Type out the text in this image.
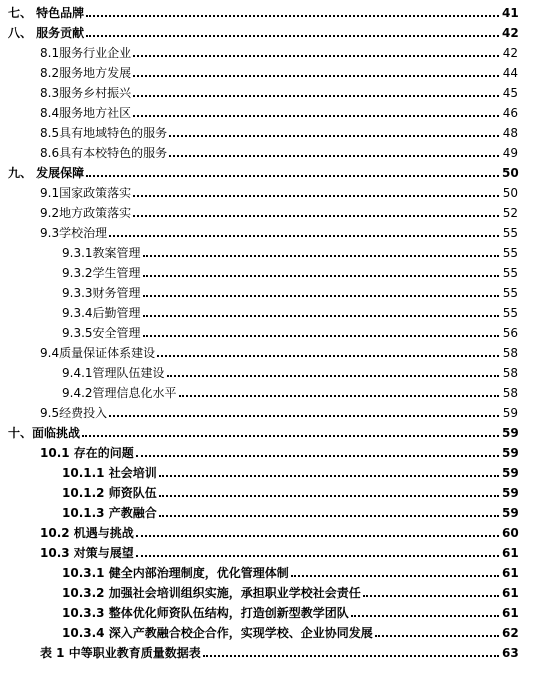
七、 特色品牌	41
八、 服务贡献	42
8.1服务行业企业	42
8.2服务地方发展	44
8.3服务乡村振兴	45
8.4服务地方社区	46
8.5具有地域特色的服务	48
8.6具有本校特色的服务	49
九、 发展保障	50
9.1国家政策落实	50
9.2地方政策落实	52
9.3学校治理	55
9.3.1教案管理	55
9.3.2学生管理	55
9.3.3财务管理	55
9.3.4后勤管理	55
9.3.5安全管理	56
9.4质量保证体系建设	58
9.4.1管理队伍建设	58
9.4.2管理信息化水平	58
9.5经费投入	59
十、面临挑战	59
10.1 存在的问题	59
10.1.1 社会培训	59
10.1.2 师资队伍	59
10.1.3 产教融合	59
10.2 机遇与挑战	60
10.3 对策与展望	61
10.3.1 健全内部治理制度，优化管理体制	61
10.3.2 加强社会培训组织实施，承担职业学校社会责任	61
10.3.3 整体优化师资队伍结构，打造创新型教学团队	61
10.3.4 深入产教融合校企合作，实现学校、企业协同发展	62
表 1 中等职业教育质量数据表	63
